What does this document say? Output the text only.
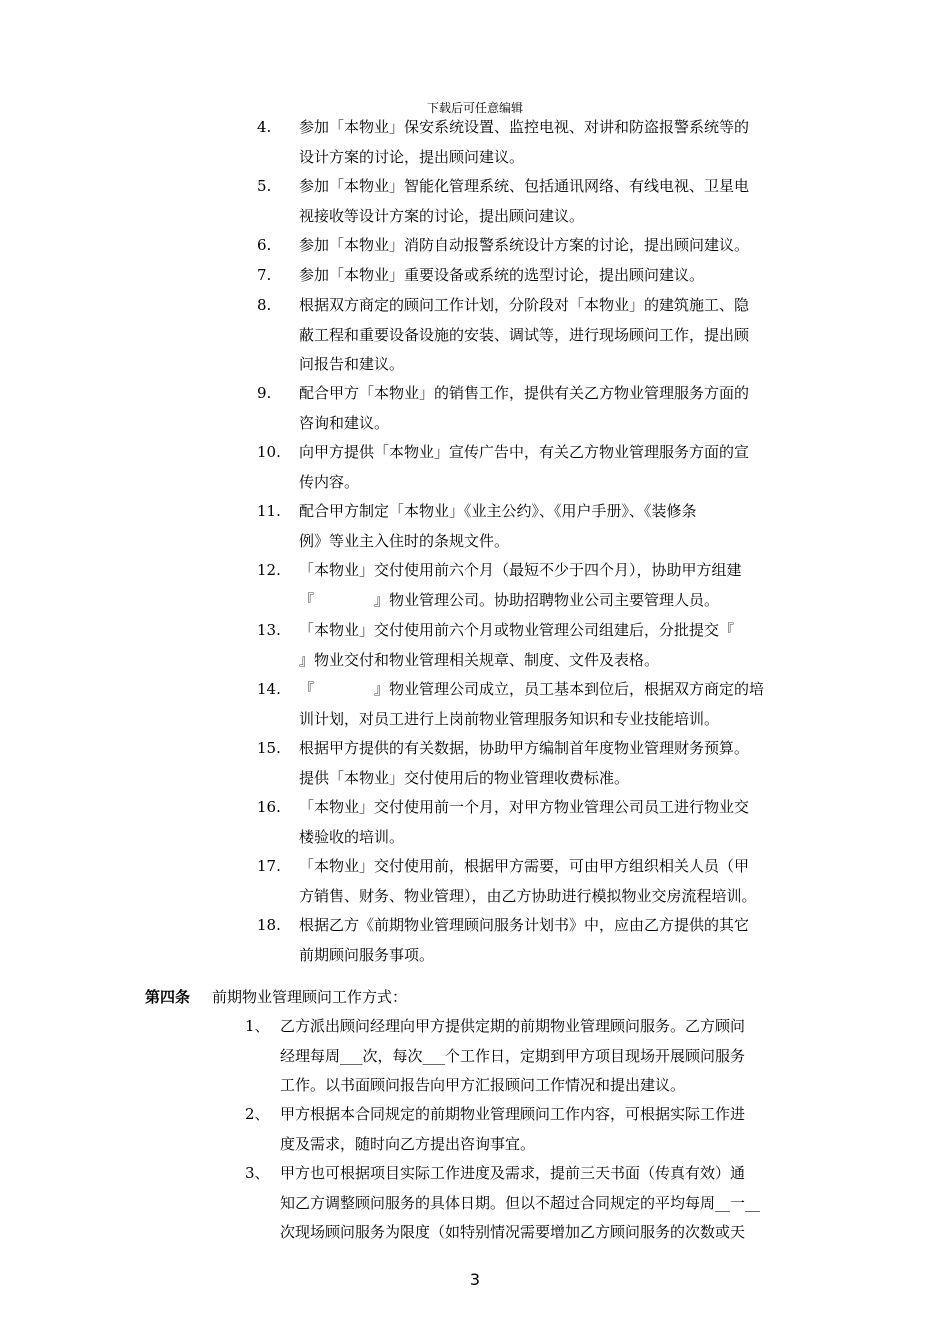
下载后可任意编辑
4. 参加「本物业」保安系统设置、监控电视、对讲和防盗报警系统等的
设计方案的讨论，提出顾问建议。
5. 参加「本物业」智能化管理系统、包括通讯网络、有线电视、卫星电
视接收等设计方案的讨论，提出顾问建议。
6. 参加「本物业」消防自动报警系统设计方案的讨论，提出顾问建议。
7. 参加「本物业」重要设备或系统的选型讨论，提出顾问建议。
8. 根据双方商定的顾问工作计划，分阶段对「本物业」的建筑施工、隐
蔽工程和重要设备设施的安装、调试等，进行现场顾问工作，提出顾
问报告和建议。
9. 配合甲方「本物业」的销售工作，提供有关乙方物业管理服务方面的
咨询和建议。
10. 向甲方提供「本物业」宣传广告中，有关乙方物业管理服务方面的宣
传内容。
11. 配合甲方制定「本物业」《业主公约》、《用户手册》、《装修条
例》等业主入住时的条规文件。
12. 「本物业」交付使用前六个月（最短不少于四个月），协助甲方组建
『　　　　』物业管理公司。协助招聘物业公司主要管理人员。
13. 「本物业」交付使用前六个月或物业管理公司组建后，分批提交『
』物业交付和物业管理相关规章、制度、文件及表格。
14. 『　　　　』物业管理公司成立，员工基本到位后，根据双方商定的培
训计划，对员工进行上岗前物业管理服务知识和专业技能培训。
15. 根据甲方提供的有关数据，协助甲方编制首年度物业管理财务预算。
提供「本物业」交付使用后的物业管理收费标准。
16. 「本物业」交付使用前一个月，对甲方物业管理公司员工进行物业交
楼验收的培训。
17. 「本物业」交付使用前，根据甲方需要，可由甲方组织相关人员（甲
方销售、财务、物业管理），由乙方协助进行模拟物业交房流程培训。
18. 根据乙方《前期物业管理顾问服务计划书》中，应由乙方提供的其它
前期顾问服务事项。
第四条 前期物业管理顾问工作方式：
1、 乙方派出顾问经理向甲方提供定期的前期物业管理顾问服务。乙方顾问
经理每周___次，每次___个工作日，定期到甲方项目现场开展顾问服务
工作。以书面顾问报告向甲方汇报顾问工作情况和提出建议。
2、 甲方根据本合同规定的前期物业管理顾问工作内容，可根据实际工作进
度及需求，随时向乙方提出咨询事宜。
3、 甲方也可根据项目实际工作进度及需求，提前三天书面（传真有效）通
知乙方调整顾问服务的具体日期。但以不超过合同规定的平均每周__一__
次现场顾问服务为限度（如特别情况需要增加乙方顾问服务的次数或天
3
